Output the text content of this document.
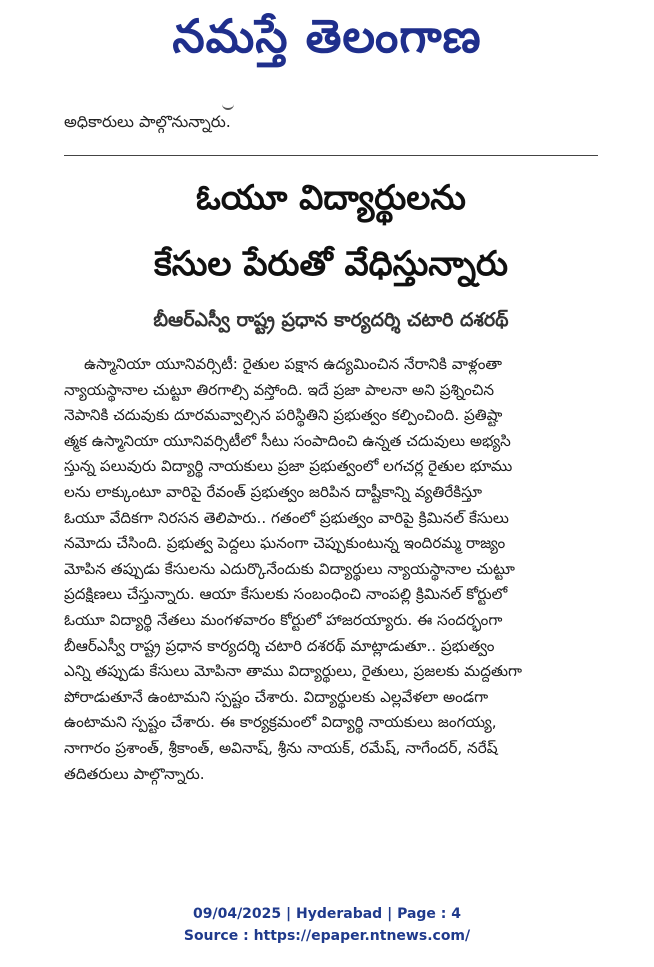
నమస్తే తెలంగాణ
అధికారులు పాల్గొనున్నారు.
ఓయూ విద్యార్థులను
కేసుల పేరుతో వేధిస్తున్నారు
బీఆర్‌ఎస్వీ రాష్ట్ర ప్రధాన కార్యదర్శి చటారి దశరథ్
ఉస్మానియా యూనివర్సిటీ: రైతుల పక్షాన ఉద్యమించిన నేరానికి వాళ్లంతా
న్యాయస్థానాల చుట్టూ తిరగాల్సి వస్తోంది. ఇదే ప్రజా పాలనా అని ప్రశ్నించిన
నెపానికి చదువుకు దూరమవ్వాల్సిన పరిస్థితిని ప్రభుత్వం కల్పించింది. ప్రతిష్టా
త్మక ఉస్మానియా యూనివర్సిటీలో సీటు సంపాదించి ఉన్నత చదువులు అభ్యసి
స్తున్న పలువురు విద్యార్థి నాయకులు ప్రజా ప్రభుత్వంలో లగచర్ల రైతుల భూము
లను లాక్కుంటూ వారిపై రేవంత్ ప్రభుత్వం జరిపిన దాష్టీకాన్ని వ్యతిరేకిస్తూ
ఓయూ వేదికగా నిరసన తెలిపారు.. గతంలో ప్రభుత్వం వారిపై క్రిమినల్ కేసులు
నమోదు చేసింది. ప్రభుత్వ పెద్దలు ఘనంగా చెప్పుకుంటున్న ఇందిరమ్మ రాజ్యం
మోపిన తప్పుడు కేసులను ఎదుర్కొనేందుకు విద్యార్థులు న్యాయస్థానాల చుట్టూ
ప్రదక్షిణలు చేస్తున్నారు. ఆయా కేసులకు సంబంధించి నాంపల్లి క్రిమినల్ కోర్టులో
ఓయూ విద్యార్థి నేతలు మంగళవారం కోర్టులో హాజరయ్యారు. ఈ సందర్భంగా
బీఆర్‌ఎస్వీ రాష్ట్ర ప్రధాన కార్యదర్శి చటారి దశరథ్ మాట్లాడుతూ.. ప్రభుత్వం
ఎన్ని తప్పుడు కేసులు మోపినా తాము విద్యార్థులు, రైతులు, ప్రజలకు మద్దతుగా
పోరాడుతూనే ఉంటామని స్పష్టం చేశారు. విద్యార్థులకు ఎల్లవేళలా అండగా
ఉంటామని స్పష్టం చేశారు. ఈ కార్యక్రమంలో విద్యార్థి నాయకులు జంగయ్య,
నాగారం ప్రశాంత్, శ్రీకాంత్, అవినాష్, శ్రీను నాయక్, రమేష్, నాగేందర్, నరేష్
తదితరులు పాల్గొన్నారు.
09/04/2025 | Hyderabad | Page : 4
Source : https://epaper.ntnews.com/
